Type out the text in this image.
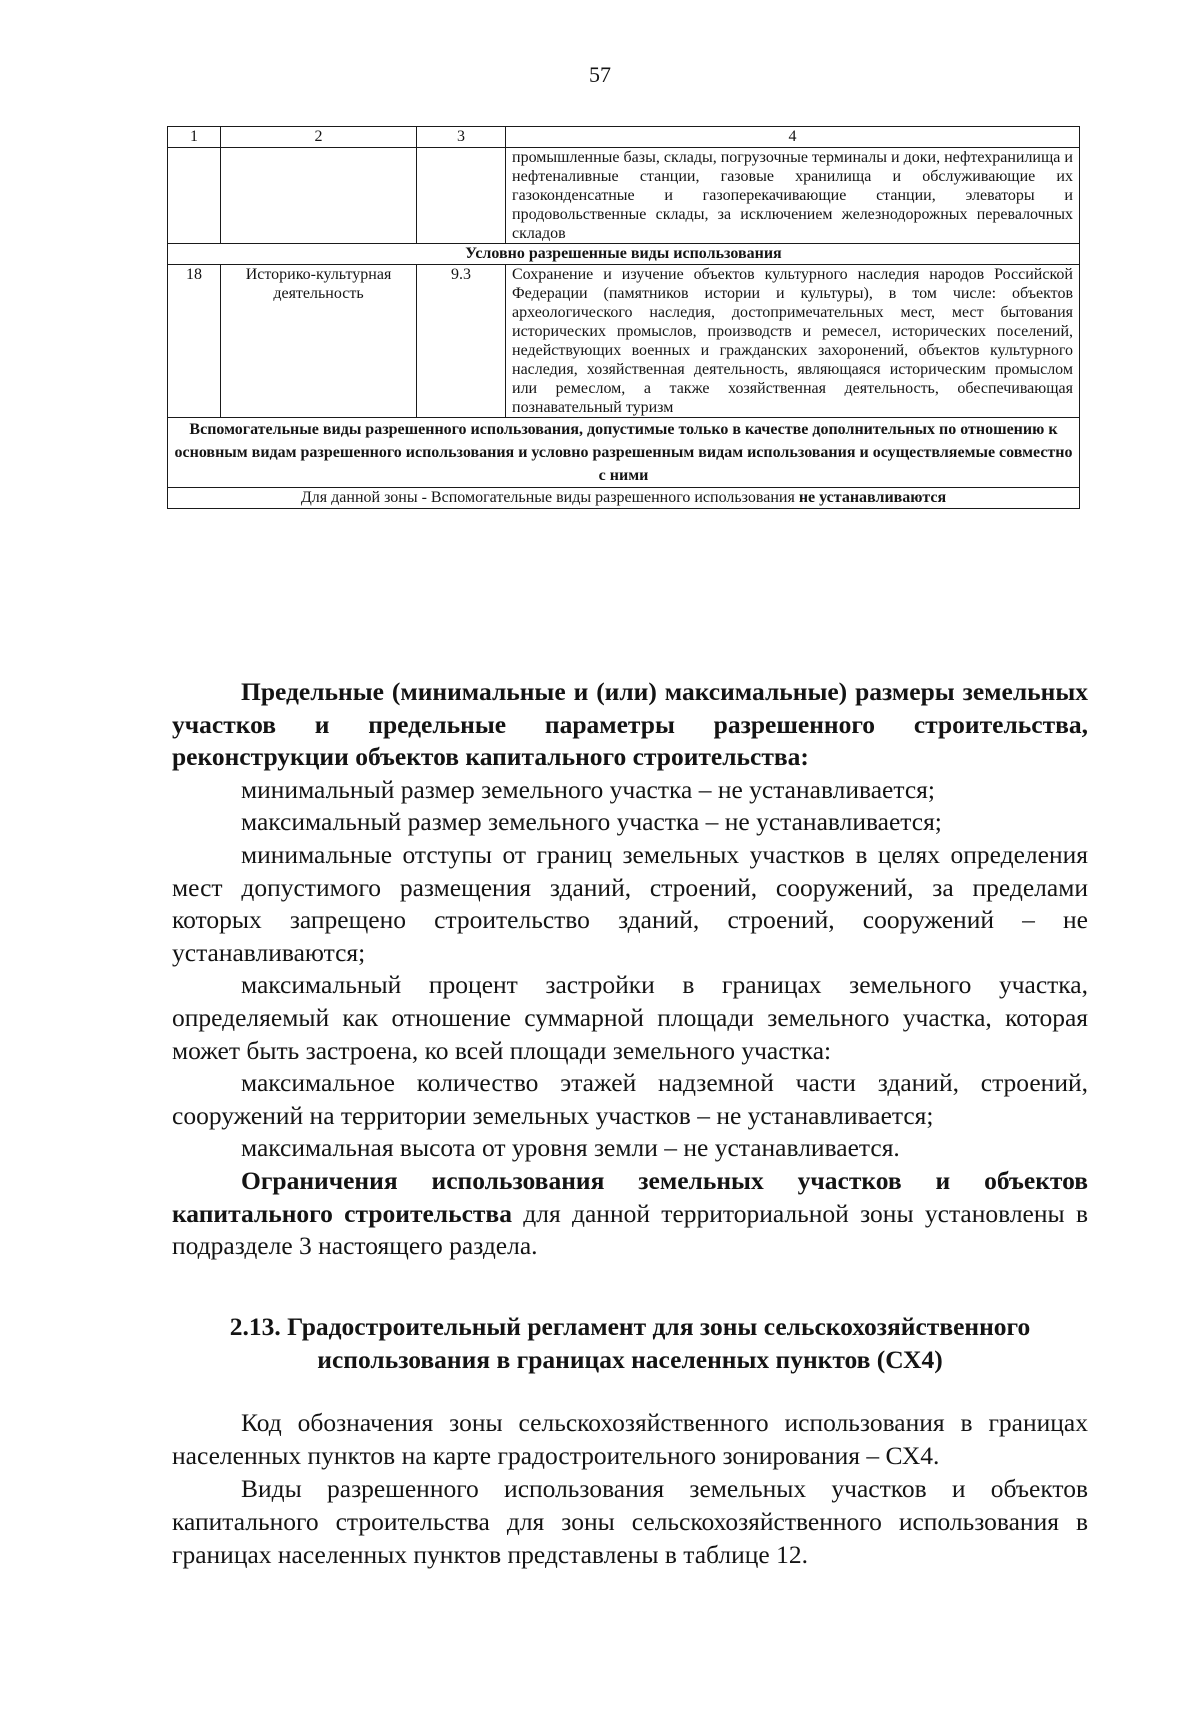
57
1	2	3	4
			промышленные базы, склады, погрузочные терминалы и доки, нефтехранилища и нефтеналивные станции, газовые хранилища и обслуживающие их газоконденсатные и газоперекачивающие станции, элеваторы и продовольственные склады, за исключением железнодорожных перевалочных складов
Условно разрешенные виды использования			
18	Историко-культурная деятельность	9.3	Сохранение и изучение объектов культурного наследия народов Российской Федерации (памятников истории и культуры), в том числе: объектов археологического наследия, достопримечательных мест, мест бытования исторических промыслов, производств и ремесел, исторических поселений, недействующих военных и гражданских захоронений, объектов культурного наследия, хозяйственная деятельность, являющаяся историческим промыслом или ремеслом, а также хозяйственная деятельность, обеспечивающая познавательный туризм
Вспомогательные виды разрешенного использования, допустимые только в качестве дополнительных по отношению к основным видам разрешенного использования и условно разрешенным видам использования и осуществляемые совместно с ними			
Для данной зоны - Вспомогательные виды разрешенного использования не устанавливаются			

Предельные (минимальные и (или) максимальные) размеры земельных участков и предельные параметры разрешенного строительства, реконструкции объектов капитального строительства:

минимальный размер земельного участка – не устанавливается;

максимальный размер земельного участка – не устанавливается;

минимальные отступы от границ земельных участков в целях определения мест допустимого размещения зданий, строений, сооружений, за пределами которых запрещено строительство зданий, строений, сооружений – не устанавливаются;

максимальный процент застройки в границах земельного участка, определяемый как отношение суммарной площади земельного участка, которая может быть застроена, ко всей площади земельного участка:

максимальное количество этажей надземной части зданий, строений, сооружений на территории земельных участков – не устанавливается;

максимальная высота от уровня земли – не устанавливается.

Ограничения использования земельных участков и объектов капитального строительства для данной территориальной зоны установлены в подразделе 3 настоящего раздела.

2.13. Градостроительный регламент для зоны сельскохозяйственного использования в границах населенных пунктов (СХ4)

Код обозначения зоны сельскохозяйственного использования в границах населенных пунктов на карте градостроительного зонирования – СХ4.

Виды разрешенного использования земельных участков и объектов капитального строительства для зоны сельскохозяйственного использования в границах населенных пунктов представлены в таблице 12.
